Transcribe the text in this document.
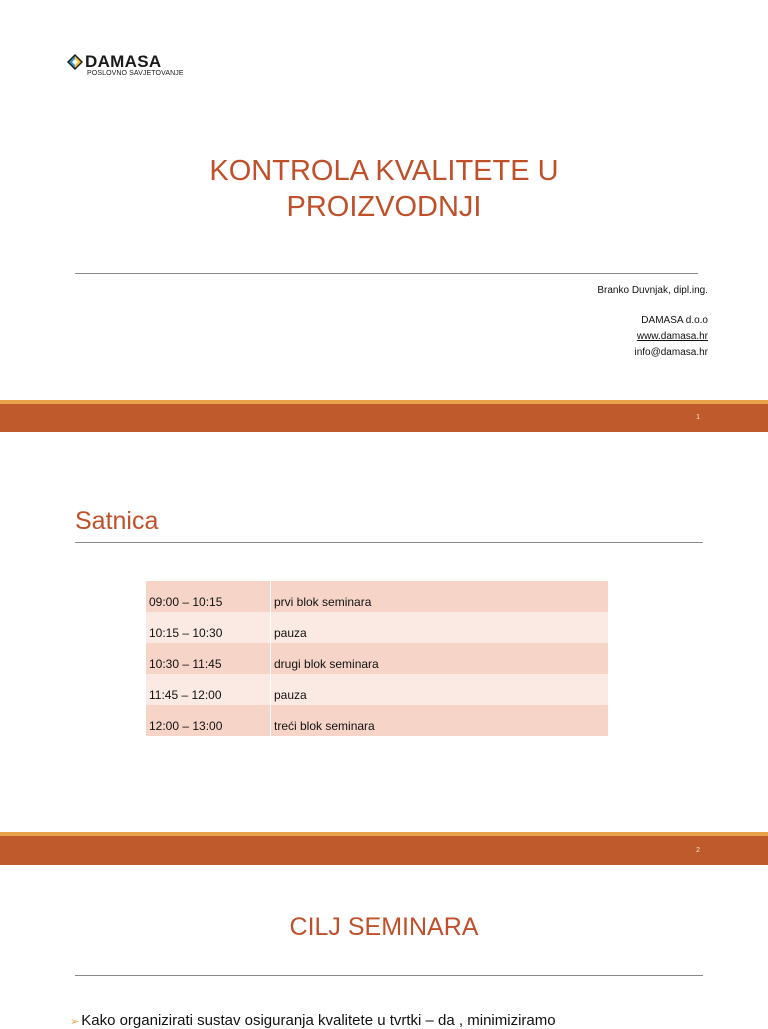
DAMASA
POSLOVNO SAVJETOVANJE
KONTROLA KVALITETE U
PROIZVODNJI
Branko Duvnjak, dipl.ing.
DAMASA d.o.o
www.damasa.hr
info@damasa.hr
1
Satnica
2
09:00 – 10:15	prvi blok seminara
10:15 – 10:30	pauza
10:30 – 11:45	drugi blok seminara
11:45 – 12:00	pauza
12:00 – 13:00	treći blok seminara
CILJ SEMINARA
➢ Kako organizirati sustav osiguranja kvalitete u tvrtki – da , minimiziramo
